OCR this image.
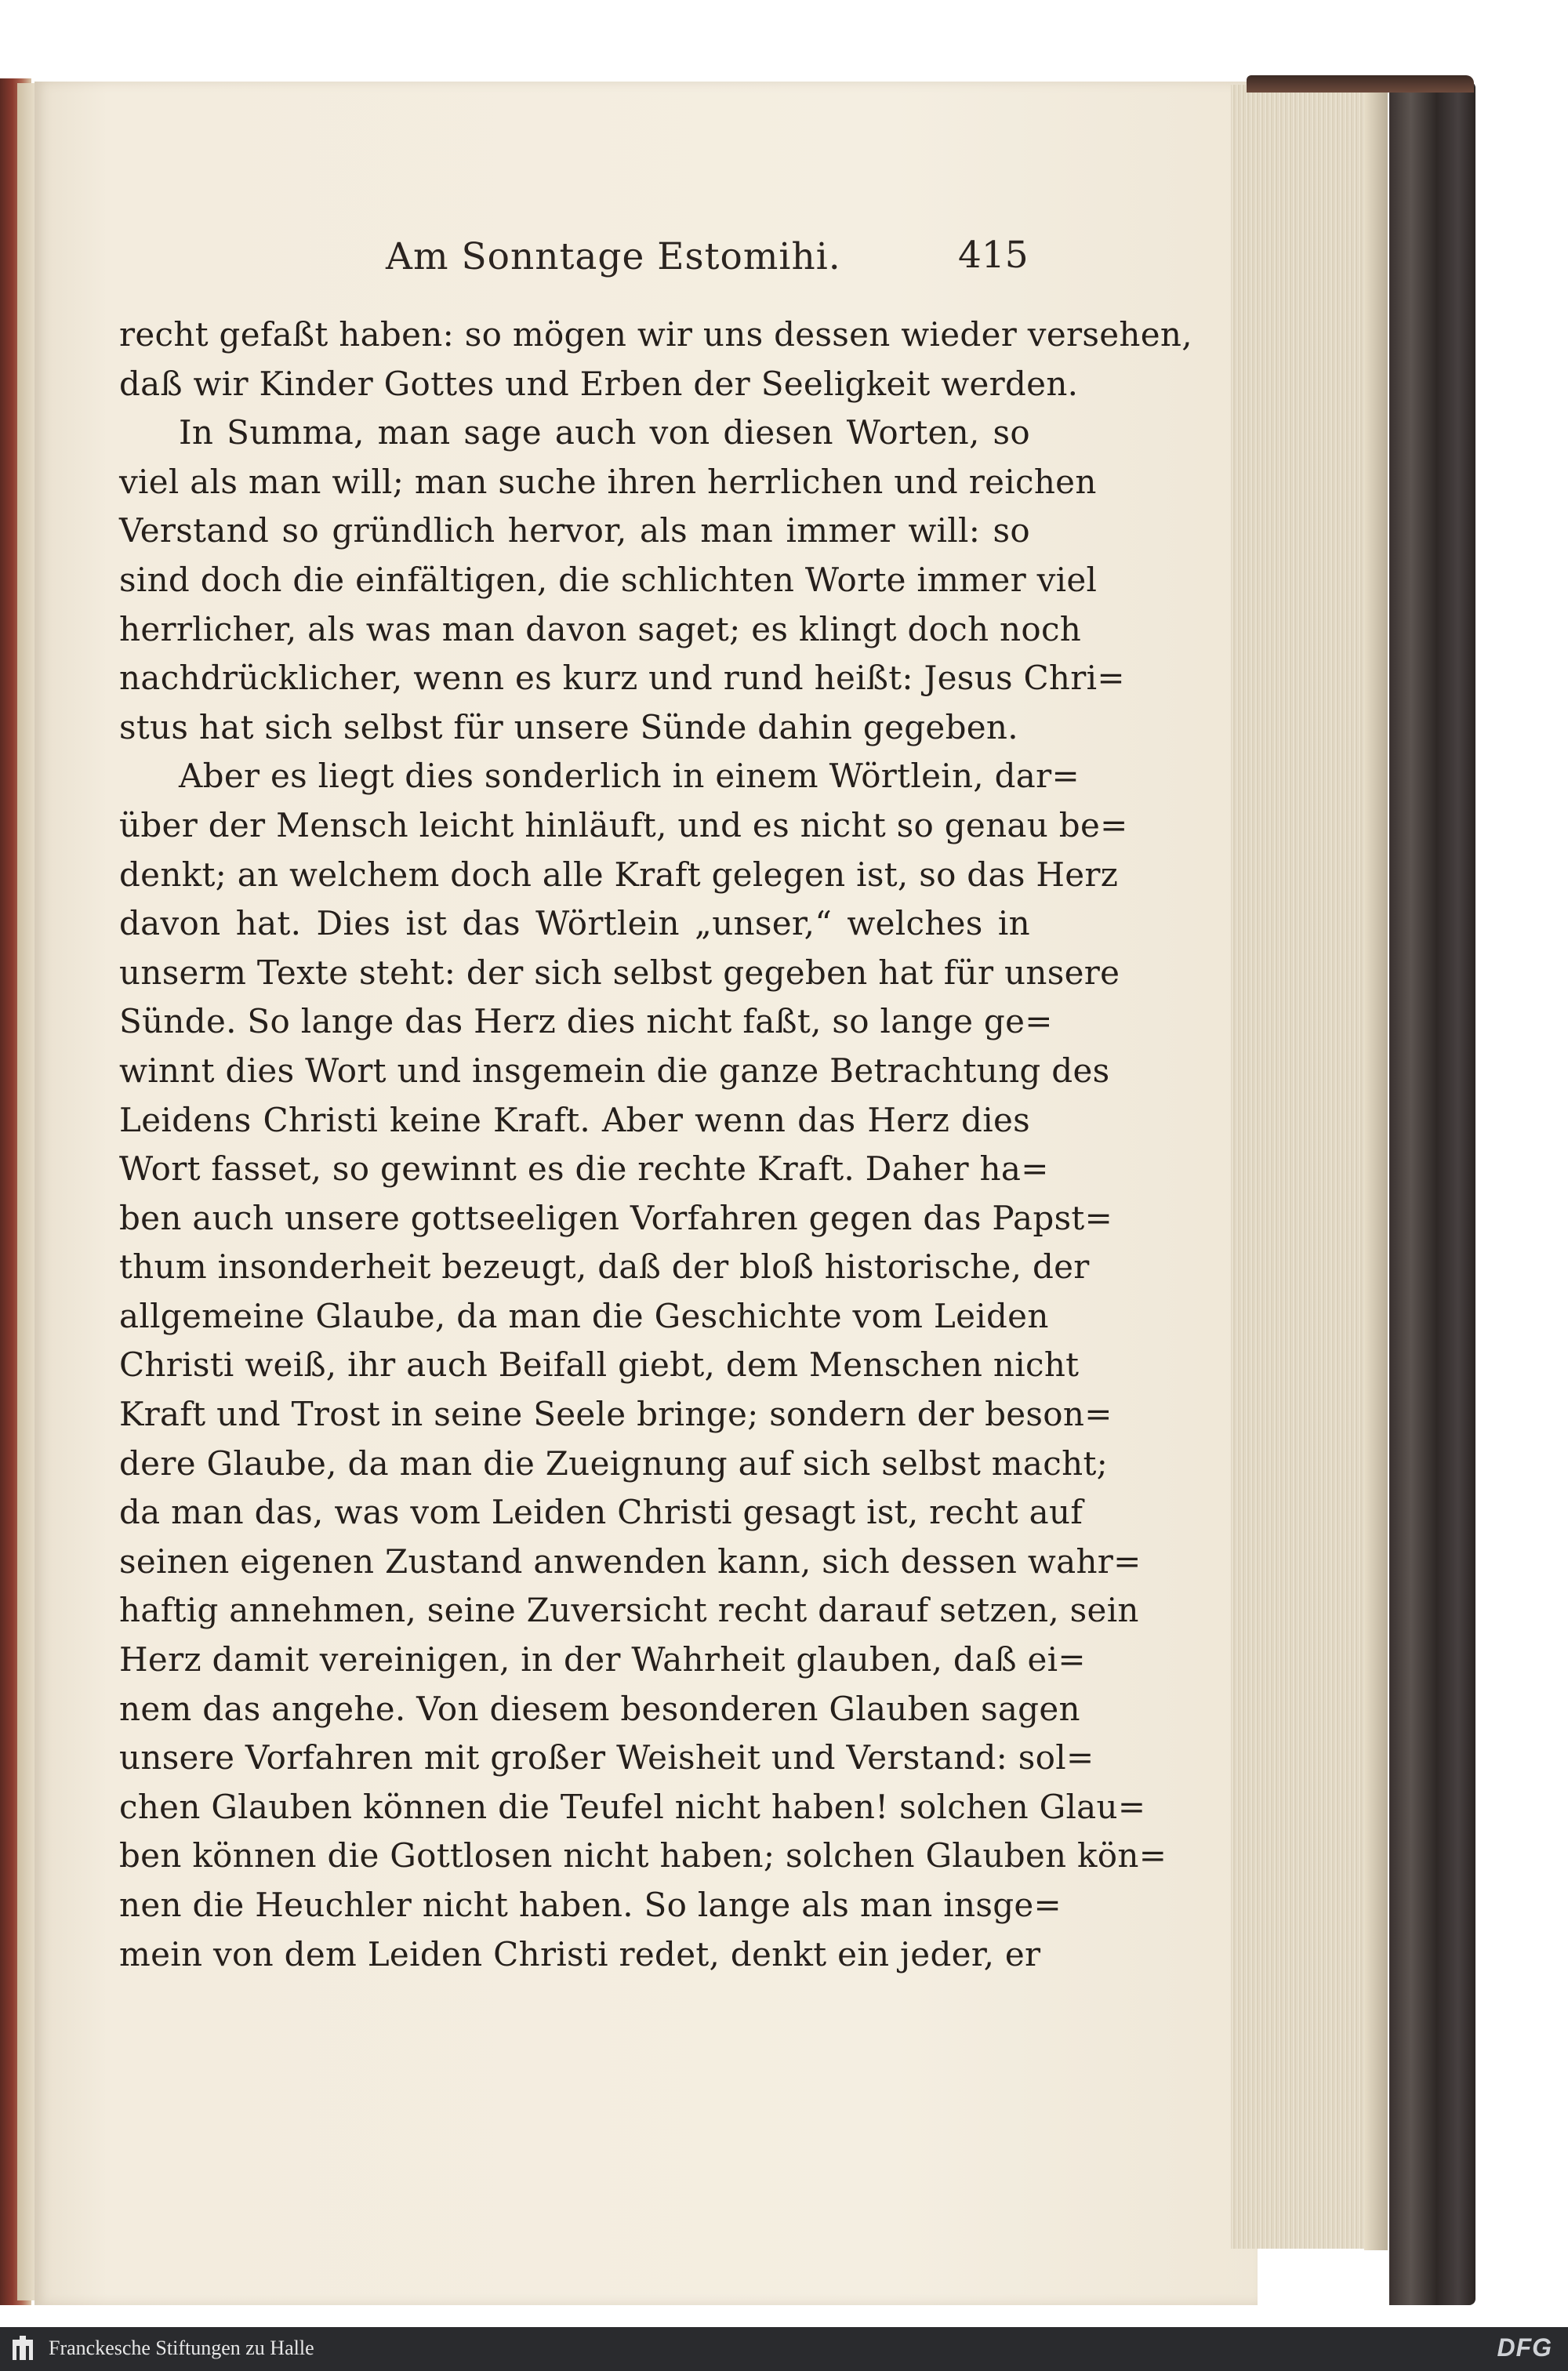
Am Sonntage Estomihi.	415
recht gefaßt haben: so mögen wir uns dessen wieder versehen,
daß wir Kinder Gottes und Erben der Seeligkeit werden.
In Summa, man sage auch von diesen Worten, so
viel als man will; man suche ihren herrlichen und reichen
Verstand so gründlich hervor, als man immer will: so
sind doch die einfältigen, die schlichten Worte immer viel
herrlicher, als was man davon saget; es klingt doch noch
nachdrücklicher, wenn es kurz und rund heißt: Jesus Chri=
stus hat sich selbst für unsere Sünde dahin gegeben.
Aber es liegt dies sonderlich in einem Wörtlein, dar=
über der Mensch leicht hinläuft, und es nicht so genau be=
denkt; an welchem doch alle Kraft gelegen ist, so das Herz
davon hat. Dies ist das Wörtlein „unser,“ welches in
unserm Texte steht: der sich selbst gegeben hat für unsere
Sünde. So lange das Herz dies nicht faßt, so lange ge=
winnt dies Wort und insgemein die ganze Betrachtung des
Leidens Christi keine Kraft. Aber wenn das Herz dies
Wort fasset, so gewinnt es die rechte Kraft. Daher ha=
ben auch unsere gottseeligen Vorfahren gegen das Papst=
thum insonderheit bezeugt, daß der bloß historische, der
allgemeine Glaube, da man die Geschichte vom Leiden
Christi weiß, ihr auch Beifall giebt, dem Menschen nicht
Kraft und Trost in seine Seele bringe; sondern der beson=
dere Glaube, da man die Zueignung auf sich selbst macht;
da man das, was vom Leiden Christi gesagt ist, recht auf
seinen eigenen Zustand anwenden kann, sich dessen wahr=
haftig annehmen, seine Zuversicht recht darauf setzen, sein
Herz damit vereinigen, in der Wahrheit glauben, daß ei=
nem das angehe. Von diesem besonderen Glauben sagen
unsere Vorfahren mit großer Weisheit und Verstand: sol=
chen Glauben können die Teufel nicht haben! solchen Glau=
ben können die Gottlosen nicht haben; solchen Glauben kön=
nen die Heuchler nicht haben. So lange als man insge=
mein von dem Leiden Christi redet, denkt ein jeder, er
Franckesche Stiftungen zu Halle	DFG
